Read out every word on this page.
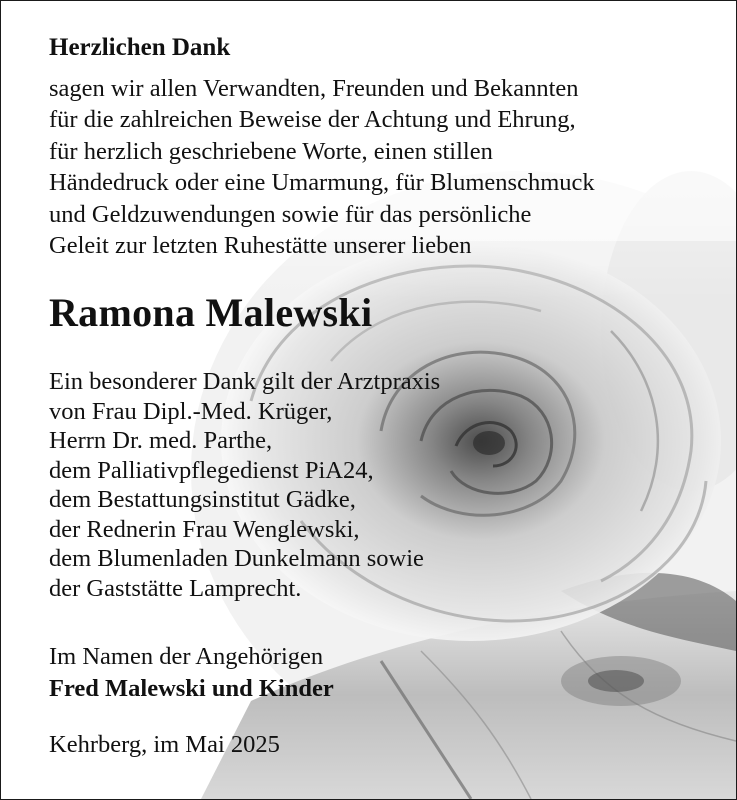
Herzlichen Dank
sagen wir allen Verwandten, Freunden und Bekannten
für die zahlreichen Beweise der Achtung und Ehrung,
für herzlich geschriebene Worte, einen stillen
Händedruck oder eine Umarmung, für Blumenschmuck
und Geldzuwendungen sowie für das persönliche
Geleit zur letzten Ruhestätte unserer lieben
Ramona Malewski
Ein besonderer Dank gilt der Arztpraxis
von Frau Dipl.-Med. Krüger,
Herrn Dr. med. Parthe,
dem Palliativpflegedienst PiA24,
dem Bestattungsinstitut Gädke,
der Rednerin Frau Wenglewski,
dem Blumenladen Dunkelmann sowie
der Gaststätte Lamprecht.
Im Namen der Angehörigen
Fred Malewski und Kinder
Kehrberg, im Mai 2025
